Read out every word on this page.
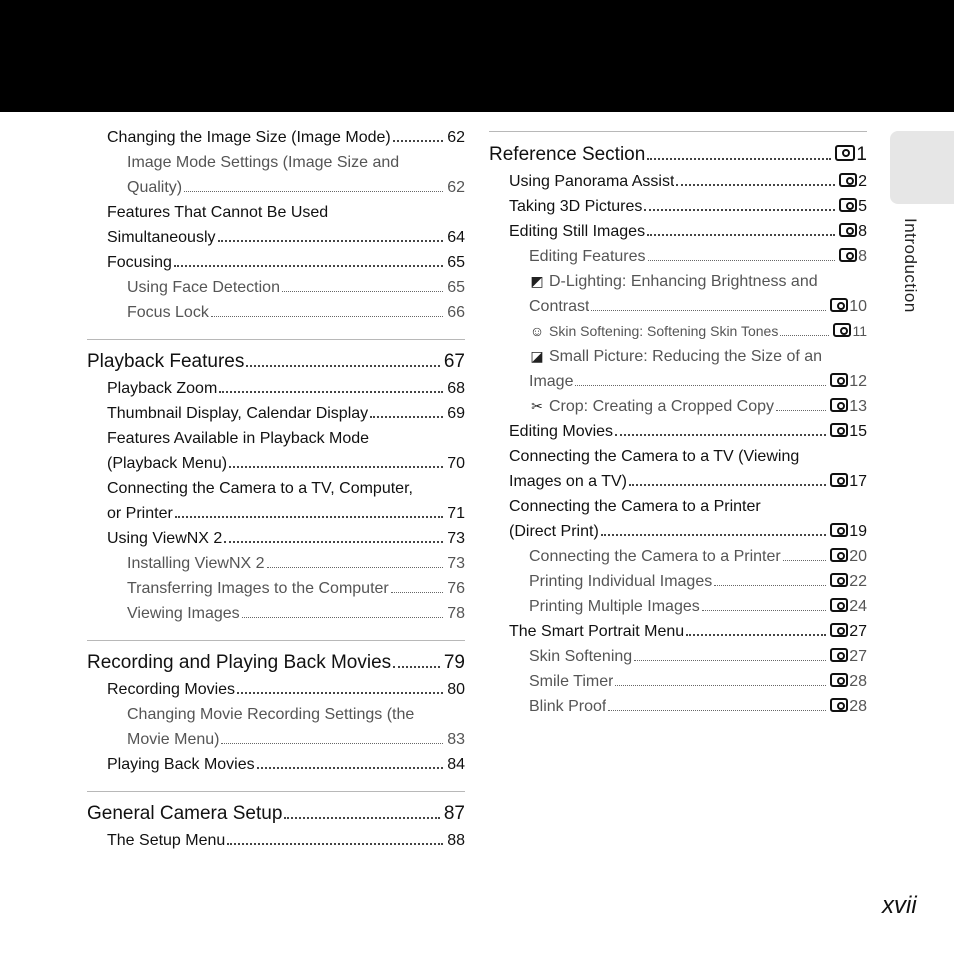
Introduction
Changing the Image Size (Image Mode)	62
Image Mode Settings (Image Size and
Quality)	62
Features That Cannot Be Used
Simultaneously	64
Focusing	65
Using Face Detection	65
Focus Lock	66
Playback Features	67
Playback Zoom	68
Thumbnail Display, Calendar Display	69
Features Available in Playback Mode
(Playback Menu)	70
Connecting the Camera to a TV, Computer,
or Printer	71
Using ViewNX 2	73
Installing ViewNX 2	73
Transferring Images to the Computer	76
Viewing Images	78
Recording and Playing Back Movies	79
Recording Movies	80
Changing Movie Recording Settings (the
Movie Menu)	83
Playing Back Movies	84
General Camera Setup	87
The Setup Menu	88
Reference Section	1
Using Panorama Assist	2
Taking 3D Pictures	5
Editing Still Images	8
Editing Features	8
◩ D-Lighting: Enhancing Brightness and
Contrast	10
☺ Skin Softening: Softening Skin Tones	11
◪ Small Picture: Reducing the Size of an
Image	12
✂ Crop: Creating a Cropped Copy	13
Editing Movies	15
Connecting the Camera to a TV (Viewing
Images on a TV)	17
Connecting the Camera to a Printer
(Direct Print)	19
Connecting the Camera to a Printer	20
Printing Individual Images	22
Printing Multiple Images	24
The Smart Portrait Menu	27
Skin Softening	27
Smile Timer	28
Blink Proof	28
xvii
